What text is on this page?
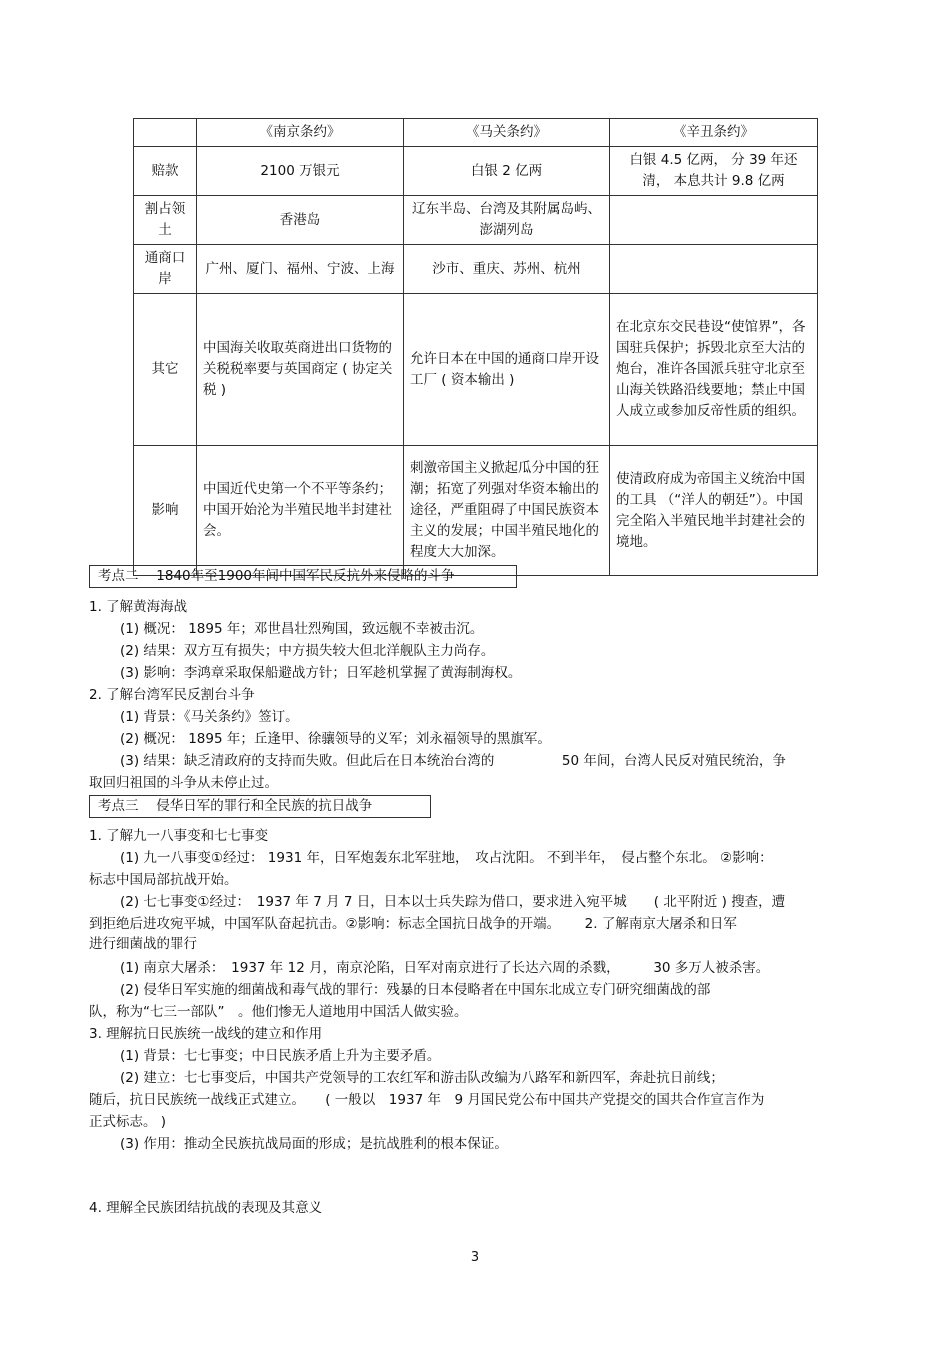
	《南京条约》	《马关条约》	《辛丑条约》
赔款	2100 万银元	白银 2 亿两	白银 4.5 亿两， 分 39 年还清， 本息共计 9.8 亿两
割占领土	香港岛	辽东半岛、台湾及其附属岛屿、澎湖列岛	
通商口岸	广州、厦门、福州、宁波、上海	沙市、重庆、苏州、杭州	
其它	中国海关收取英商进出口货物的关税税率要与英国商定 ( 协定关税 )	允许日本在中国的通商口岸开设工厂 ( 资本输出 )	在北京东交民巷设“使馆界”，各国驻兵保护；拆毁北京至大沽的炮台，准许各国派兵驻守北京至山海关铁路沿线要地；禁止中国人成立或参加反帝性质的组织。
影响	中国近代史第一个不平等条约；中国开始沦为半殖民地半封建社会。	刺激帝国主义掀起瓜分中国的狂潮；拓宽了列强对华资本输出的途径，严重阻碍了中国民族资本主义的发展；中国半殖民地化的程度大大加深。	使清政府成为帝国主义统治中国的工具 （“洋人的朝廷”）。中国完全陷入半殖民地半封建社会的境地。
考点二　 1840年至1900年间中国军民反抗外来侵略的斗争
1. 了解黄海海战
(1) 概况： 1895 年；邓世昌壮烈殉国，致远舰不幸被击沉。
(2) 结果：双方互有损失；中方损失较大但北洋舰队主力尚存。
(3) 影响：李鸿章采取保船避战方针；日军趁机掌握了黄海制海权。
2. 了解台湾军民反割台斗争
(1) 背景：《马关条约》签订。
(2) 概况： 1895 年；丘逢甲、徐骧领导的义军；刘永福领导的黑旗军。
(3) 结果：缺乏清政府的支持而失败。但此后在日本统治台湾的　　　　　50 年间，台湾人民反对殖民统治，争
取回归祖国的斗争从未停止过。
考点三　 侵华日军的罪行和全民族的抗日战争
1. 了解九一八事变和七七事变
(1) 九一八事变①经过： 1931 年，日军炮轰东北军驻地，　攻占沈阳。 不到半年，　侵占整个东北。 ②影响：
标志中国局部抗战开始。
(2) 七七事变①经过：　1937 年 7 月 7 日，日本以士兵失踪为借口，要求进入宛平城　　( 北平附近 ) 搜查，遭
到拒绝后进攻宛平城，中国军队奋起抗击。②影响：标志全国抗日战争的开端。　　 2. 了解南京大屠杀和日军
进行细菌战的罪行
(1) 南京大屠杀：　1937 年 12 月，南京沦陷，日军对南京进行了长达六周的杀戮，　　　30 多万人被杀害。
(2) 侵华日军实施的细菌战和毒气战的罪行：残暴的日本侵略者在中国东北成立专门研究细菌战的部
队，称为“七三一部队”　。他们惨无人道地用中国活人做实验。
3. 理解抗日民族统一战线的建立和作用
(1) 背景：七七事变；中日民族矛盾上升为主要矛盾。
(2) 建立：七七事变后，中国共产党领导的工农红军和游击队改编为八路军和新四军，奔赴抗日前线；
随后，抗日民族统一战线正式建立。　　( 一般以　1937 年　9 月国民党公布中国共产党提交的国共合作宣言作为
正式标志。 )
(3) 作用：推动全民族抗战局面的形成；是抗战胜利的根本保证。
4. 理解全民族团结抗战的表现及其意义
3
